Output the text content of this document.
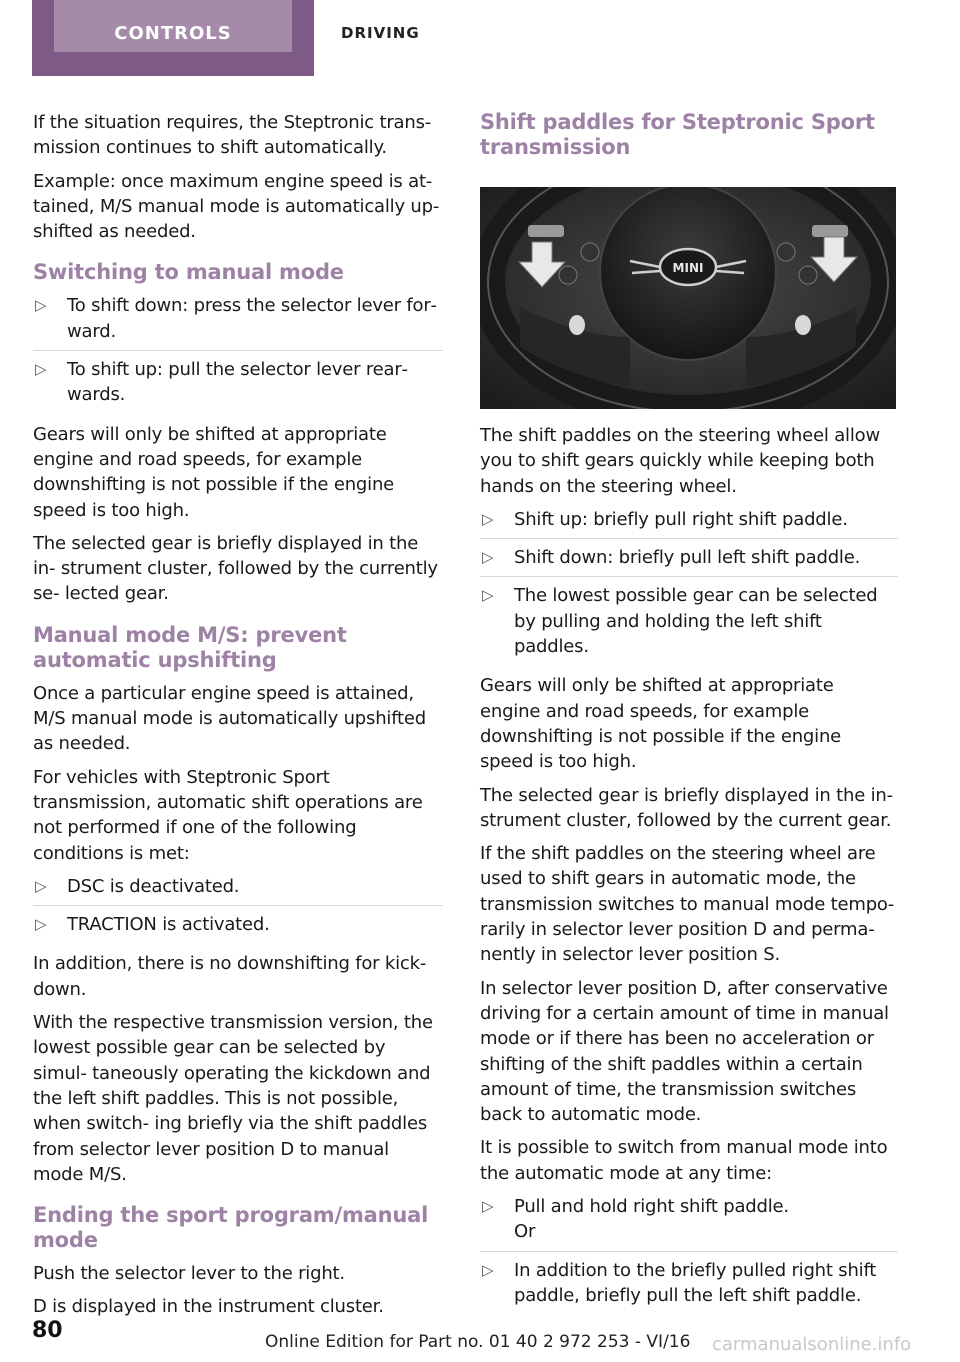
CONTROLS	DRIVING

If the situation requires, the Steptronic trans‐ mission continues to shift automatically.

Example: once maximum engine speed is at‐ tained, M/S manual mode is automatically up‐ shifted as needed.

Switching to manual mode
▷ To shift down: press the selector lever for‐ ward.
▷ To shift up: pull the selector lever rear‐ wards.

Gears will only be shifted at appropriate engine and road speeds, for example downshifting is not possible if the engine speed is too high.

The selected gear is briefly displayed in the in‐ strument cluster, followed by the currently se‐ lected gear.

Manual mode M/S: prevent automatic upshifting

Once a particular engine speed is attained, M/S manual mode is automatically upshifted as needed.

For vehicles with Steptronic Sport transmission, automatic shift operations are not performed if one of the following conditions is met:

▷ DSC is deactivated.
▷ TRACTION is activated.

In addition, there is no downshifting for kick‐ down.

With the respective transmission version, the lowest possible gear can be selected by simul‐ taneously operating the kickdown and the left shift paddles. This is not possible, when switch‐ ing briefly via the shift paddles from selector lever position D to manual mode M/S.

Ending the sport program/manual mode

Push the selector lever to the right.

D is displayed in the instrument cluster.

Shift paddles for Steptronic Sport transmission
MINI

The shift paddles on the steering wheel allow you to shift gears quickly while keeping both hands on the steering wheel.

▷ Shift up: briefly pull right shift paddle.
▷ Shift down: briefly pull left shift paddle.
▷ The lowest possible gear can be selected by pulling and holding the left shift paddles.

Gears will only be shifted at appropriate engine and road speeds, for example downshifting is not possible if the engine speed is too high.

The selected gear is briefly displayed in the in‐ strument cluster, followed by the current gear.

If the shift paddles on the steering wheel are used to shift gears in automatic mode, the transmission switches to manual mode tempo‐ rarily in selector lever position D and perma‐ nently in selector lever position S.

In selector lever position D, after conservative driving for a certain amount of time in manual mode or if there has been no acceleration or shifting of the shift paddles within a certain amount of time, the transmission switches back to automatic mode.

It is possible to switch from manual mode into the automatic mode at any time:

▷ Pull and hold right shift paddle.
Or
▷ In addition to the briefly pulled right shift paddle, briefly pull the left shift paddle.
80	Online Edition for Part no. 01 40 2 972 253 - VI/16 carmanualsonline.info
